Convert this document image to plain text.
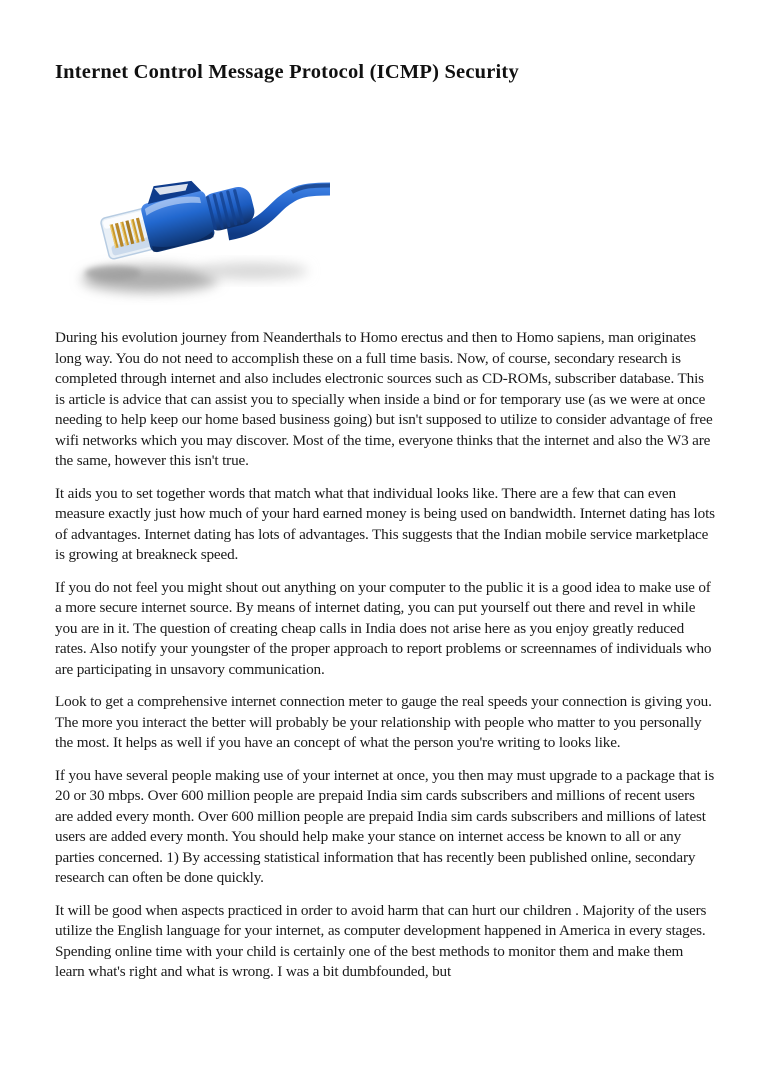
Internet Control Message Protocol (ICMP) Security

During his evolution journey from Neanderthals to Homo erectus and then to Homo sapiens, man originates long way. You do not need to accomplish these on a full time basis. Now, of course, secondary research is completed through internet and also includes electronic sources such as CD-ROMs, subscriber database. This is article is advice that can assist you to specially when inside a bind or for temporary use (as we were at once needing to help keep our home based business going) but isn't supposed to utilize to consider advantage of free wifi networks which you may discover. Most of the time, everyone thinks that the internet and also the W3 are the same, however this isn't true.

It aids you to set together words that match what that individual looks like. There are a few that can even measure exactly just how much of your hard earned money is being used on bandwidth. Internet dating has lots of advantages. Internet dating has lots of advantages. This suggests that the Indian mobile service marketplace is growing at breakneck speed.

If you do not feel you might shout out anything on your computer to the public it is a good idea to make use of a more secure internet source. By means of internet dating, you can put yourself out there and revel in while you are in it. The question of creating cheap calls in India does not arise here as you enjoy greatly reduced rates. Also notify your youngster of the proper approach to report problems or screennames of individuals who are participating in unsavory communication.

Look to get a comprehensive internet connection meter to gauge the real speeds your connection is giving you. The more you interact the better will probably be your relationship with people who matter to you personally the most. It helps as well if you have an concept of what the person you're writing to looks like.

If you have several people making use of your internet at once, you then may must upgrade to a package that is 20 or 30 mbps. Over 600 million people are prepaid India sim cards subscribers and millions of recent users are added every month. Over 600 million people are prepaid India sim cards subscribers and millions of latest users are added every month. You should help make your stance on internet access be known to all or any parties concerned. 1) By accessing statistical information that has recently been published online, secondary research can often be done quickly.

It will be good when aspects practiced in order to avoid harm that can hurt our children . Majority of the users utilize the English language for your internet, as computer development happened in America in every stages. Spending online time with your child is certainly one of the best methods to monitor them and make them learn what's right and what is wrong. I was a bit dumbfounded, but
